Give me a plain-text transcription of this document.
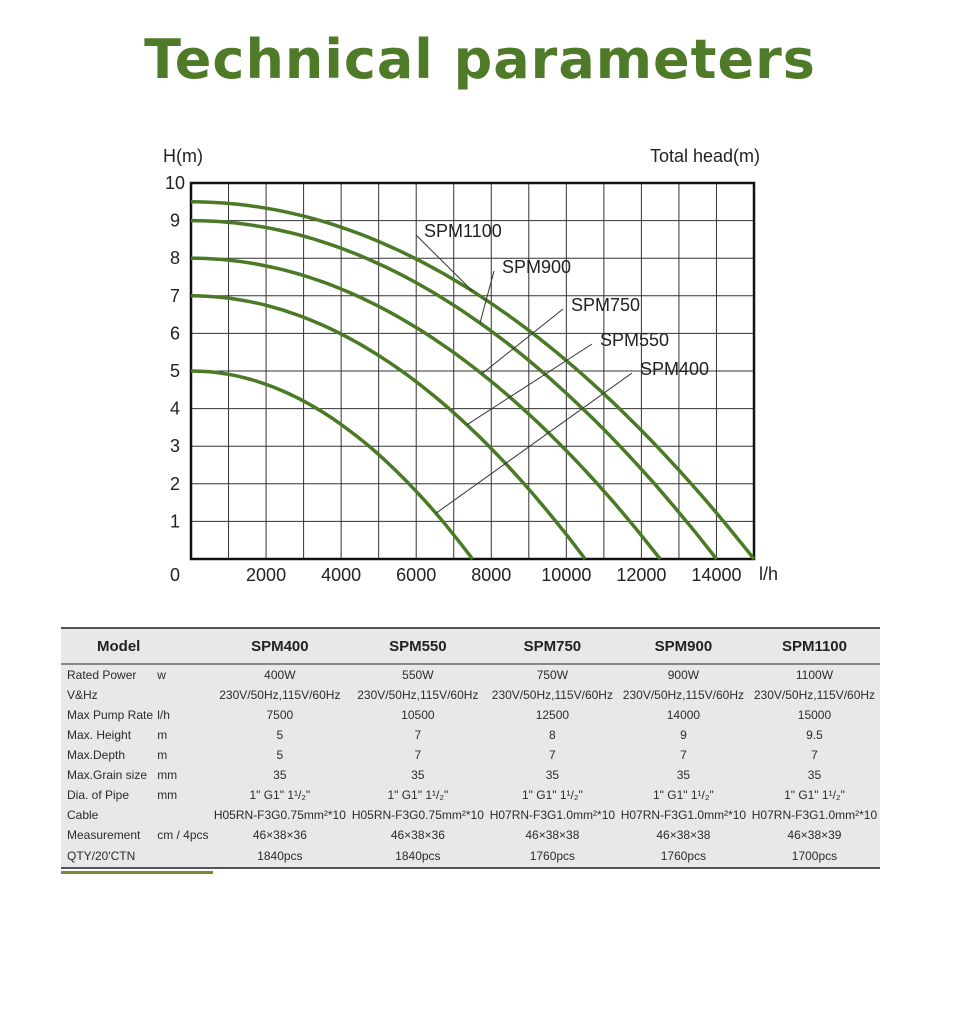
Technical parameters
SPM400
SPM550
SPM750
SPM900
SPM1100
1
2
3
4
5
6
7
8
9
10
0	2000 4000 6000 8000 10000 12000 14000
H(m)	Total head(m)
l/h
Model		SPM400	SPM550	SPM750	SPM900	SPM1100
Rated Power	w	400W	550W	750W	900W	1100W
V&Hz		230V/50Hz,115V/60Hz	230V/50Hz,115V/60Hz	230V/50Hz,115V/60Hz	230V/50Hz,115V/60Hz	230V/50Hz,115V/60Hz
Max Pump Rate	l/h	7500	10500	12500	14000	15000
Max. Height	m	5	7	8	9	9.5
Max.Depth	m	5	7	7	7	7
Max.Grain size	mm	35	35	35	35	35
Dia. of Pipe	mm	1" G1" 1¹/₂"	1" G1" 1¹/₂"	1" G1" 1¹/₂"	1" G1" 1¹/₂"	1" G1" 1¹/₂"
Cable		H05RN-F3G0.75mm²*10	H05RN-F3G0.75mm²*10	H07RN-F3G1.0mm²*10	H07RN-F3G1.0mm²*10	H07RN-F3G1.0mm²*10
Measurement	cm / 4pcs	46×38×36	46×38×36	46×38×38	46×38×38	46×38×39
QTY/20'CTN		1840pcs	1840pcs	1760pcs	1760pcs	1700pcs
